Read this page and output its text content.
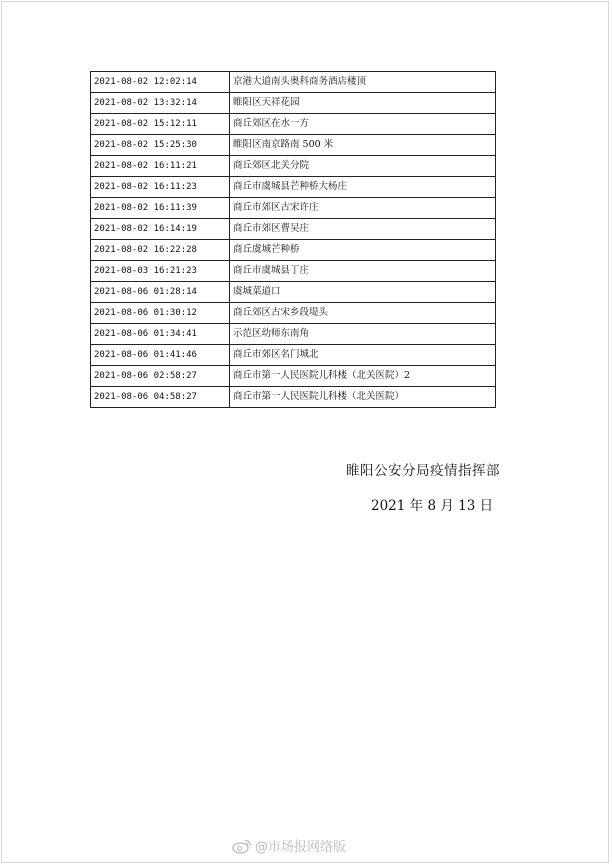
2021-08-02 12:02:14	京港大道南头奥科商务酒店楼顶
2021-08-02 13:32:14	睢阳区天祥花园
2021-08-02 15:12:11	商丘郊区在水一方
2021-08-02 15:25:30	睢阳区南京路南 500 米
2021-08-02 16:11:21	商丘郊区北关分院
2021-08-02 16:11:23	商丘市虞城县芒种桥大杨庄
2021-08-02 16:11:39	商丘市郊区古宋许庄
2021-08-02 16:14:19	商丘市郊区曹吴庄
2021-08-02 16:22:28	商丘虞城芒种桥
2021-08-03 16:21:23	商丘市虞城县丁庄
2021-08-06 01:28:14	虞城菜道口
2021-08-06 01:30:12	商丘郊区古宋乡段堤头
2021-08-06 01:34:41	示范区幼师东南角
2021-08-06 01:41:46	商丘市郊区名门城北
2021-08-06 02:58:27	商丘市第一人民医院儿科楼（北关医院）2
2021-08-06 04:58:27	商丘市第一人民医院儿科楼（北关医院）
睢阳公安分局疫情指挥部
2021 年 8 月 13 日
@市场报网络版
